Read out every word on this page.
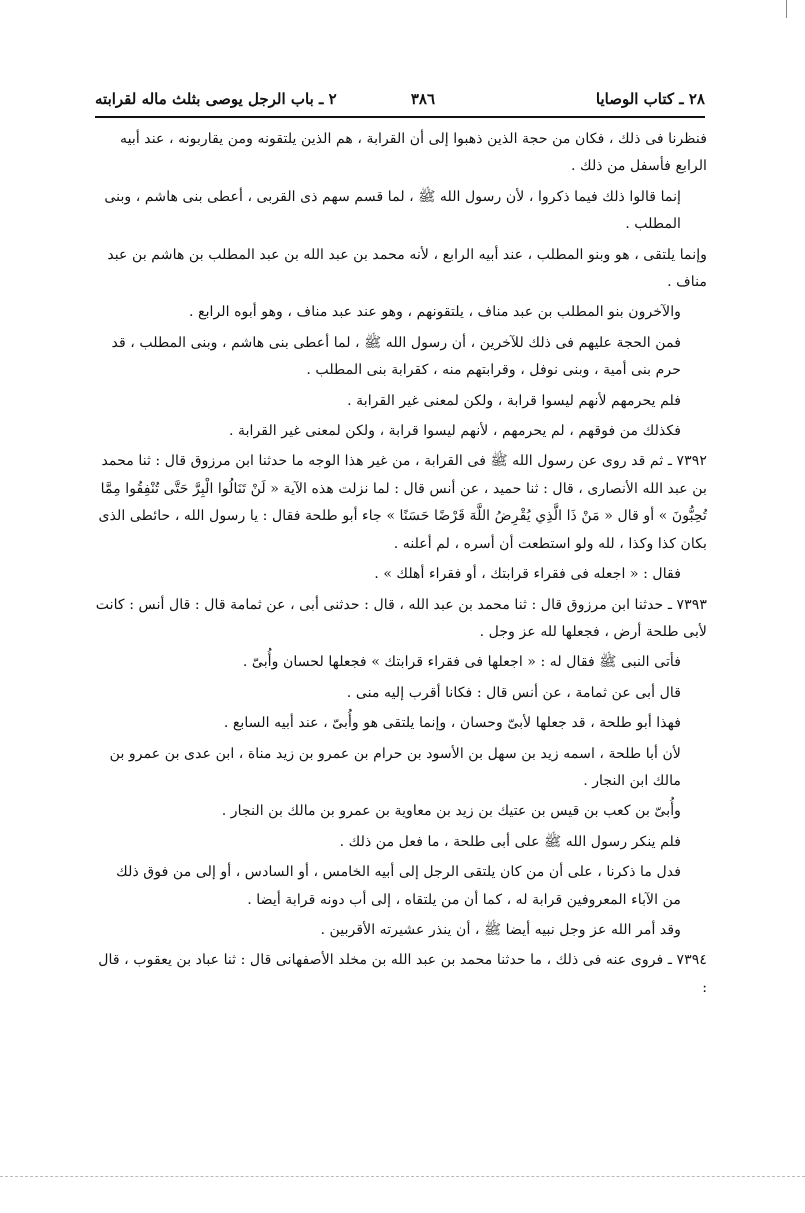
٢٨ ـ كتاب الوصايا
٣٨٦
٢ ـ باب الرجل يوصى بثلث ماله لقرابته

فنظرنا فى ذلك ، فكان من حجة الذين ذهبوا إلى أن القرابة ، هم الذين يلتقونه ومن يقاربونه ، عند أبيه الرابع فأسفل من ذلك .

إنما قالوا ذلك فيما ذكروا ، لأن رسول الله ﷺ ، لما قسم سهم ذى القربى ، أعطى بنى هاشم ، وبنى المطلب .

وإنما يلتقى ، هو وبنو المطلب ، عند أبيه الرابع ، لأنه محمد بن عبد الله بن عبد المطلب بن هاشم بن عبد مناف .

والآخرون بنو المطلب بن عبد مناف ، يلتقونهم ، وهو عند عبد مناف ، وهو أبوه الرابع .

فمن الحجة عليهم فى ذلك للآخرين ، أن رسول الله ﷺ ، لما أعطى بنى هاشم ، وبنى المطلب ، قد حرم بنى أمية ، وبنى نوفل ، وقرابتهم منه ، كقرابة بنى المطلب .

فلم يحرمهم لأنهم ليسوا قرابة ، ولكن لمعنى غير القرابة .

فكذلك من فوقهم ، لم يحرمهم ، لأنهم ليسوا قرابة ، ولكن لمعنى غير القرابة .

٧٣٩٢ ـ ثم قد روى عن رسول الله ﷺ فى القرابة ، من غير هذا الوجه ما حدثنا ابن مرزوق قال : ثنا محمد بن عبد الله الأنصارى ، قال : ثنا حميد ، عن أنس قال : لما نزلت هذه الآية « لَنْ تَنَالُوا الْبِرَّ حَتَّى تُنْفِقُوا مِمَّا تُحِبُّونَ » أو قال « مَنْ ذَا الَّذِي يُقْرِضُ اللَّهَ قَرْضًا حَسَنًا » جاء أبو طلحة فقال : يا رسول الله ، حائطى الذى بكان كذا وكذا ، لله ولو استطعت أن أسره ، لم أعلنه .

فقال : « اجعله فى فقراء قرابتك ، أو فقراء أهلك » .

٧٣٩٣ ـ حدثنا ابن مرزوق قال : ثنا محمد بن عبد الله ، قال : حدثنى أبى ، عن ثمامة قال : قال أنس : كانت لأبى طلحة أرض ، فجعلها لله عز وجل .

فأتى النبى ﷺ فقال له : « اجعلها فى فقراء قرابتك » فجعلها لحسان وأُبىّ .

قال أبى عن ثمامة ، عن أنس قال : فكانا أقرب إليه منى .

فهذا أبو طلحة ، قد جعلها لأبىّ وحسان ، وإنما يلتقى هو وأُبىّ ، عند أبيه السابع .

لأن أبا طلحة ، اسمه زيد بن سهل بن الأسود بن حرام بن عمرو بن زيد مناة ، ابن عدى بن عمرو بن مالك ابن النجار .

وأُبىّ بن كعب بن قيس بن عتيك بن زيد بن معاوية بن عمرو بن مالك بن النجار .

فلم ينكر رسول الله ﷺ على أبى طلحة ، ما فعل من ذلك .

فدل ما ذكرنا ، على أن من كان يلتقى الرجل إلى أبيه الخامس ، أو السادس ، أو إلى من فوق ذلك من الآباء المعروفين قرابة له ، كما أن من يلتقاه ، إلى أب دونه قرابة أيضا .

وقد أمر الله عز وجل نبيه أيضا ﷺ ، أن ينذر عشيرته الأقربين .

٧٣٩٤ ـ فروى عنه فى ذلك ، ما حدثنا محمد بن عبد الله بن مخلد الأصفهانى قال : ثنا عباد بن يعقوب ، قال :
